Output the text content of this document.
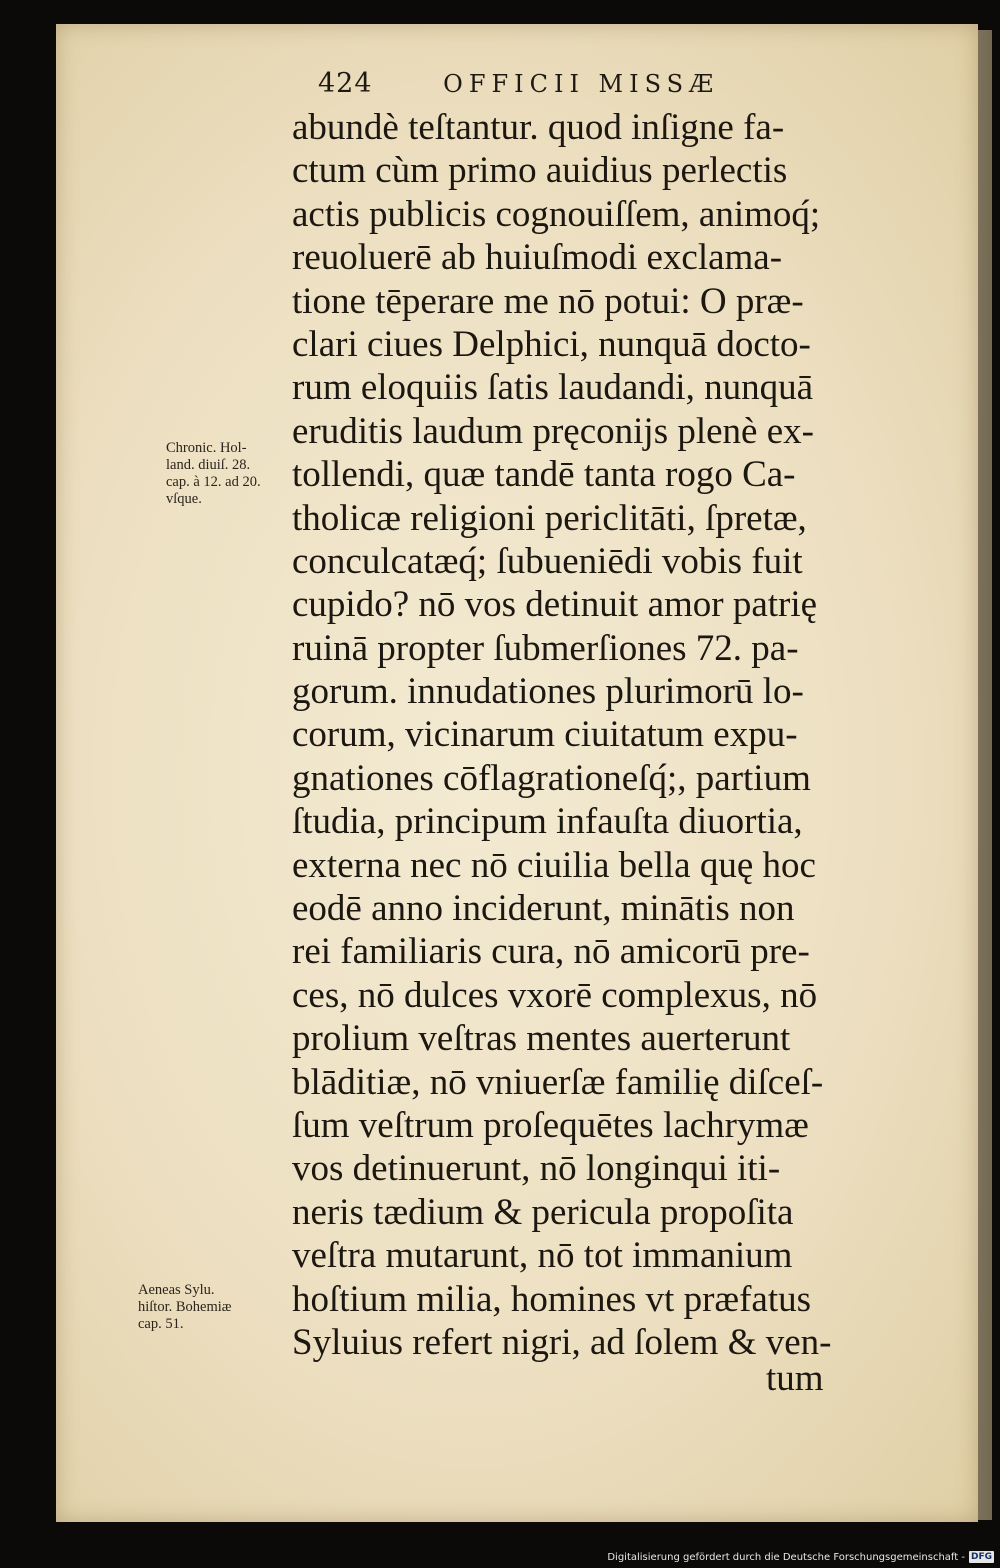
424	OFFICII MISSÆ
abundè teſtantur. quod inſigne fa-
ctum cùm primo auidius perlectis
actis publicis cognouiſſem, animoq́;
reuoluerē ab huiuſmodi exclama-
tione tēperare me nō potui: O præ-
clari ciues Delphici, nunquā docto-
rum eloquiis ſatis laudandi, nunquā
eruditis laudum pręconijs plenè ex-
tollendi, quæ tandē tanta rogo Ca-
tholicæ religioni periclitāti, ſpretæ,
conculcatæq́; ſubueniēdi vobis fuit
cupido? nō vos detinuit amor patrię
ruinā propter ſubmerſiones 72. pa-
gorum. innudationes plurimorū lo-
corum, vicinarum ciuitatum expu-
gnationes cōflagrationeſq́;, partium
ſtudia, principum infauſta diuortia,
externa nec nō ciuilia bella quę hoc
eodē anno inciderunt, minātis non
rei familiaris cura, nō amicorū pre-
ces, nō dulces vxorē complexus, nō
prolium veſtras mentes auerterunt
blāditiæ, nō vniuerſæ familię diſceſ-
ſum veſtrum proſequētes lachrymæ
vos detinuerunt, nō longinqui iti-
neris tædium & pericula propoſita
veſtra mutarunt, nō tot immanium
hoſtium milia, homines vt præfatus
Syluius refert nigri, ad ſolem & ven-
Chronic. Hol-
land. diuiſ. 28.
cap. à 12. ad 20.
vſque.
Aeneas Sylu.
hiſtor. Bohemiæ
cap. 51.
tum
Digitalisierung gefördert durch die Deutsche Forschungsgemeinschaft - DFG
